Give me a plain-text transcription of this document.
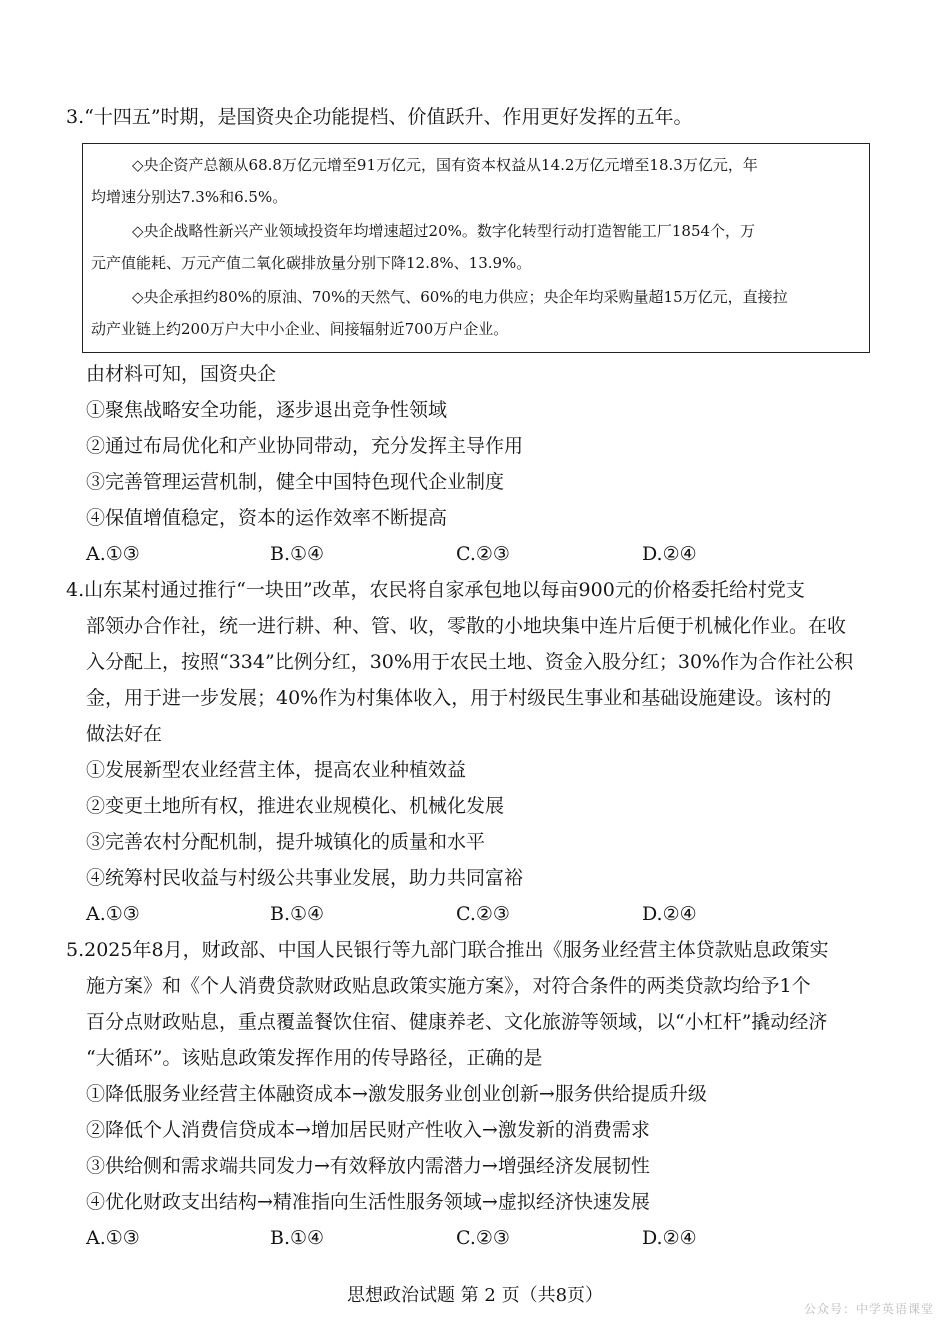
3.“十四五”时期，是国资央企功能提档、价值跃升、作用更好发挥的五年。
◇央企资产总额从68.8万亿元增至91万亿元，国有资本权益从14.2万亿元增至18.3万亿元，年
均增速分别达7.3%和6.5%。
◇央企战略性新兴产业领域投资年均增速超过20%。数字化转型行动打造智能工厂1854个，万
元产值能耗、万元产值二氧化碳排放量分别下降12.8%、13.9%。
◇央企承担约80%的原油、70%的天然气、60%的电力供应；央企年均采购量超15万亿元，直接拉
动产业链上约200万户大中小企业、间接辐射近700万户企业。
由材料可知，国资央企
①聚焦战略安全功能，逐步退出竞争性领域
②通过布局优化和产业协同带动，充分发挥主导作用
③完善管理运营机制，健全中国特色现代企业制度
④保值增值稳定，资本的运作效率不断提高
A.①③	B.①④	C.②③	D.②④
4.山东某村通过推行“一块田”改革，农民将自家承包地以每亩900元的价格委托给村党支
部领办合作社，统一进行耕、种、管、收，零散的小地块集中连片后便于机械化作业。在收
入分配上，按照“334”比例分红，30%用于农民土地、资金入股分红；30%作为合作社公积
金，用于进一步发展；40%作为村集体收入，用于村级民生事业和基础设施建设。该村的
做法好在
①发展新型农业经营主体，提高农业种植效益
②变更土地所有权，推进农业规模化、机械化发展
③完善农村分配机制，提升城镇化的质量和水平
④统筹村民收益与村级公共事业发展，助力共同富裕
A.①③	B.①④	C.②③	D.②④
5.2025年8月，财政部、中国人民银行等九部门联合推出《服务业经营主体贷款贴息政策实
施方案》和《个人消费贷款财政贴息政策实施方案》，对符合条件的两类贷款均给予1个
百分点财政贴息，重点覆盖餐饮住宿、健康养老、文化旅游等领域，以“小杠杆”撬动经济
“大循环”。该贴息政策发挥作用的传导路径，正确的是
①降低服务业经营主体融资成本→激发服务业创业创新→服务供给提质升级
②降低个人消费信贷成本→增加居民财产性收入→激发新的消费需求
③供给侧和需求端共同发力→有效释放内需潜力→增强经济发展韧性
④优化财政支出结构→精准指向生活性服务领域→虚拟经济快速发展
A.①③	B.①④	C.②③	D.②④
思想政治试题 第 2 页（共8页）
公众号：中学英语课堂
